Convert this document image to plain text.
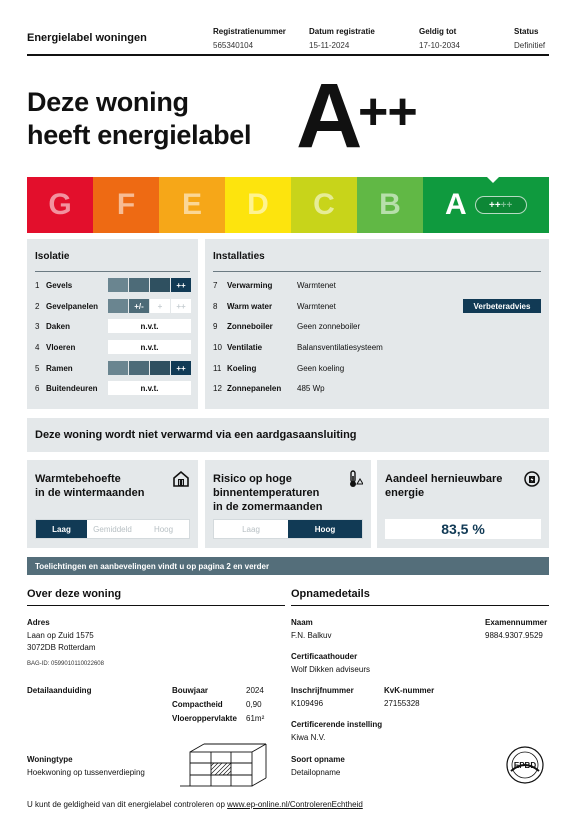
Energielabel woningen
Registratienummer
565340104
Datum registratie
15-11-2024
Geldig tot
17-10-2034
Status
Definitief
Deze woning
heeft energielabel A
++
G F E D C B A ++ ++
Isolatie
1 Gevels	++
2 Gevelpanelen	+/-	+	++
3 Daken	n.v.t.
4 Vloeren	n.v.t.
5 Ramen	++
6 Buitendeuren	n.v.t.
Installaties
7	Verwarming	Warmtenet
8	Warm water	Warmtenet	Verbeteradvies
9	Zonneboiler	Geen zonneboiler
10 Ventilatie	Balansventilatiesysteem
11 Koeling	Geen koeling
12 Zonnepanelen	485 Wp
Deze woning wordt niet verwarmd via een aardgasaansluiting
Warmtebehoefte
in de wintermaanden
Laag	Gemiddeld	Hoog
Risico op hoge
binnentemperaturen
in de zomermaanden
Laag	Hoog
Aandeel hernieuwbare
energie
83,5 %
Toelichtingen en aanbevelingen vindt u op pagina 2 en verder
Over deze woning
Adres
Laan op Zuid 1575
3072DB Rotterdam
BAG-ID: 0599010110022608
Detailaanduiding	Bouwjaar	2024
Compactheid	0,90
Vloeroppervlakte 61m²
Woningtype
Hoekwoning op tussenverdieping
Opnamedetails
Naam
F.N. Balkuv
Examennummer
9884.9307.9529
Certificaathouder
Wolf Dikken adviseurs
Inschrijfnummer
K109496
KvK-nummer
27155328
Certificerende instelling
Kiwa N.V.
Soort opname
Detailopname
EPBD
U kunt de geldigheid van dit energielabel controleren op www.ep-online.nl/ControlerenEchtheid
